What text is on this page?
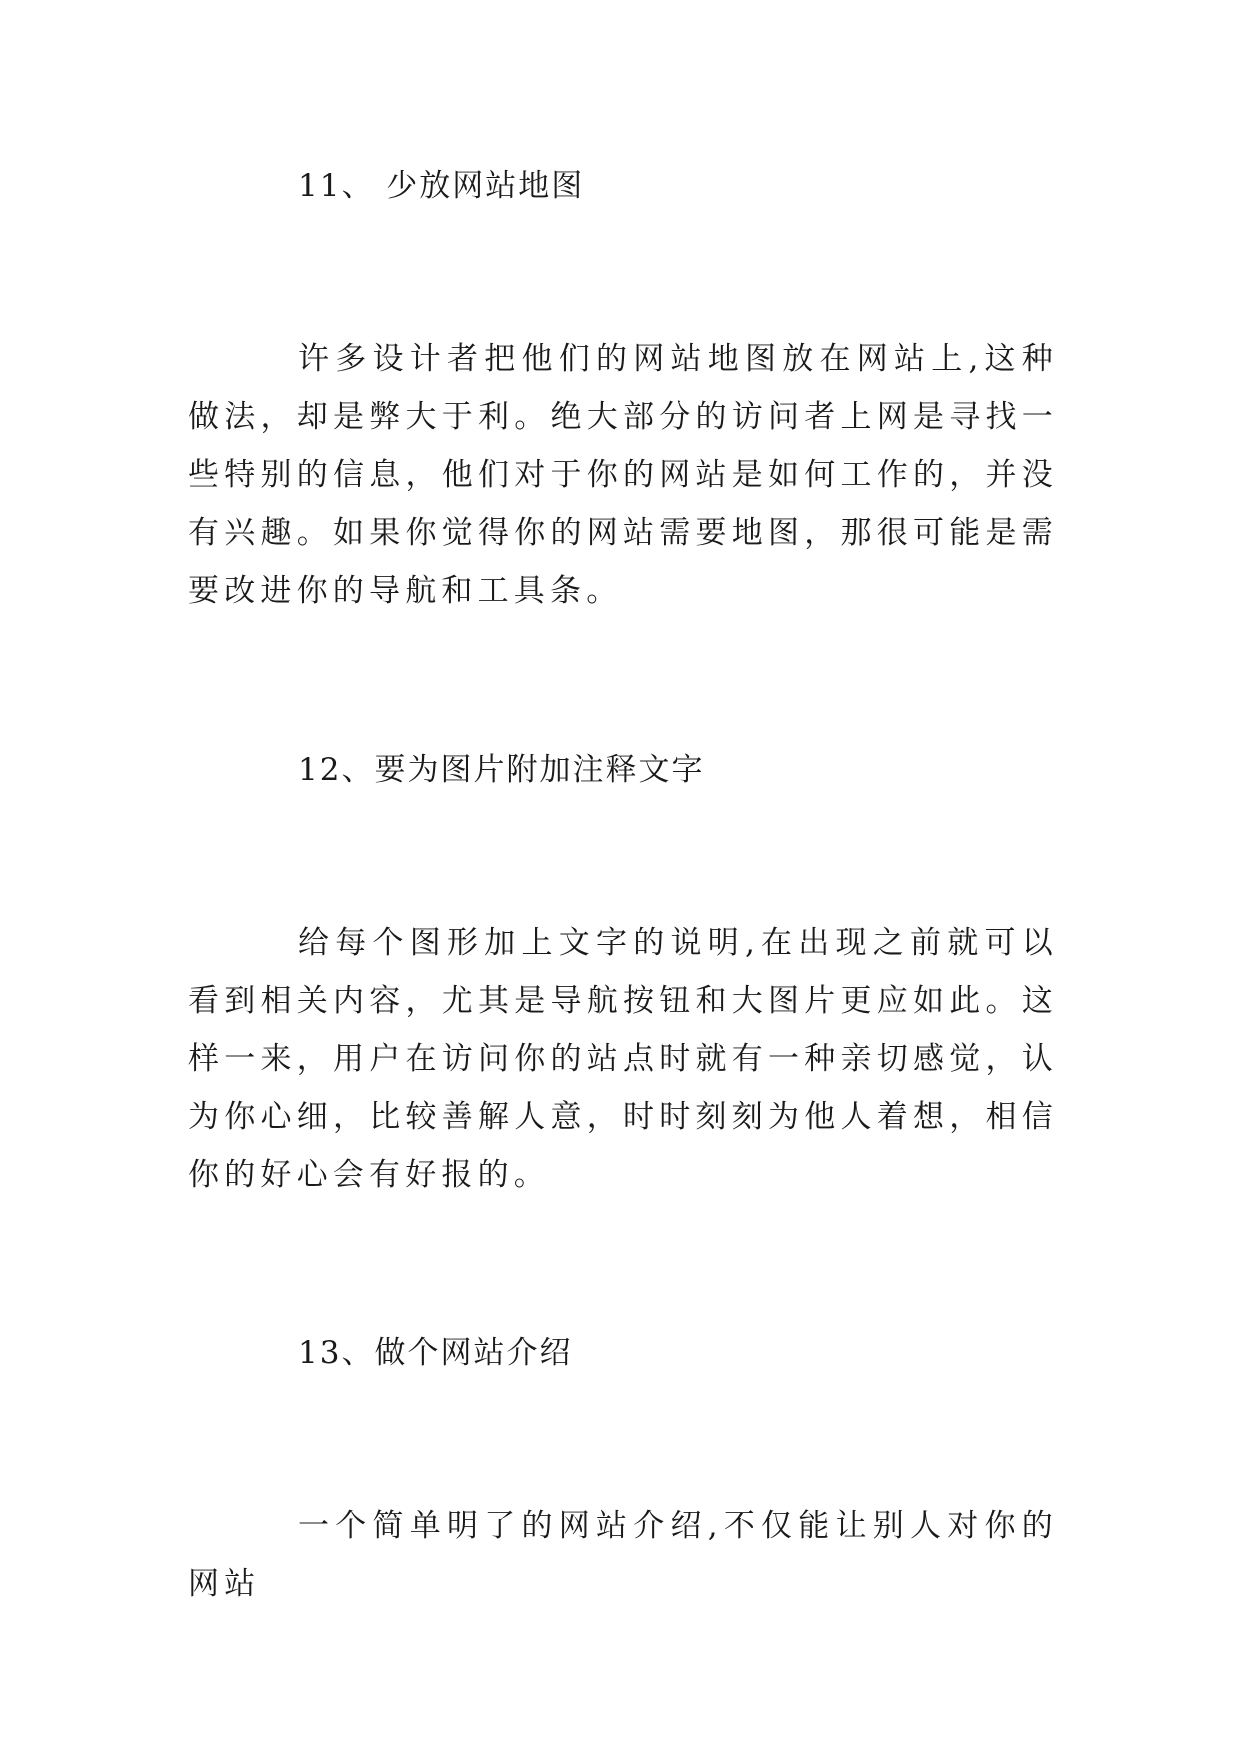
11、 少放网站地图

许多设计者把他们的网站地图放在网站上,这种做法，却是弊大于利。绝大部分的访问者上网是寻找一些特别的信息，他们对于你的网站是如何工作的，并没有兴趣。如果你觉得你的网站需要地图，那很可能是需要改进你的导航和工具条。

12、要为图片附加注释文字

给每个图形加上文字的说明,在出现之前就可以看到相关内容，尤其是导航按钮和大图片更应如此。这样一来，用户在访问你的站点时就有一种亲切感觉，认为你心细，比较善解人意，时时刻刻为他人着想，相信你的好心会有好报的。

13、做个网站介绍

一个简单明了的网站介绍,不仅能让别人对你的网站
